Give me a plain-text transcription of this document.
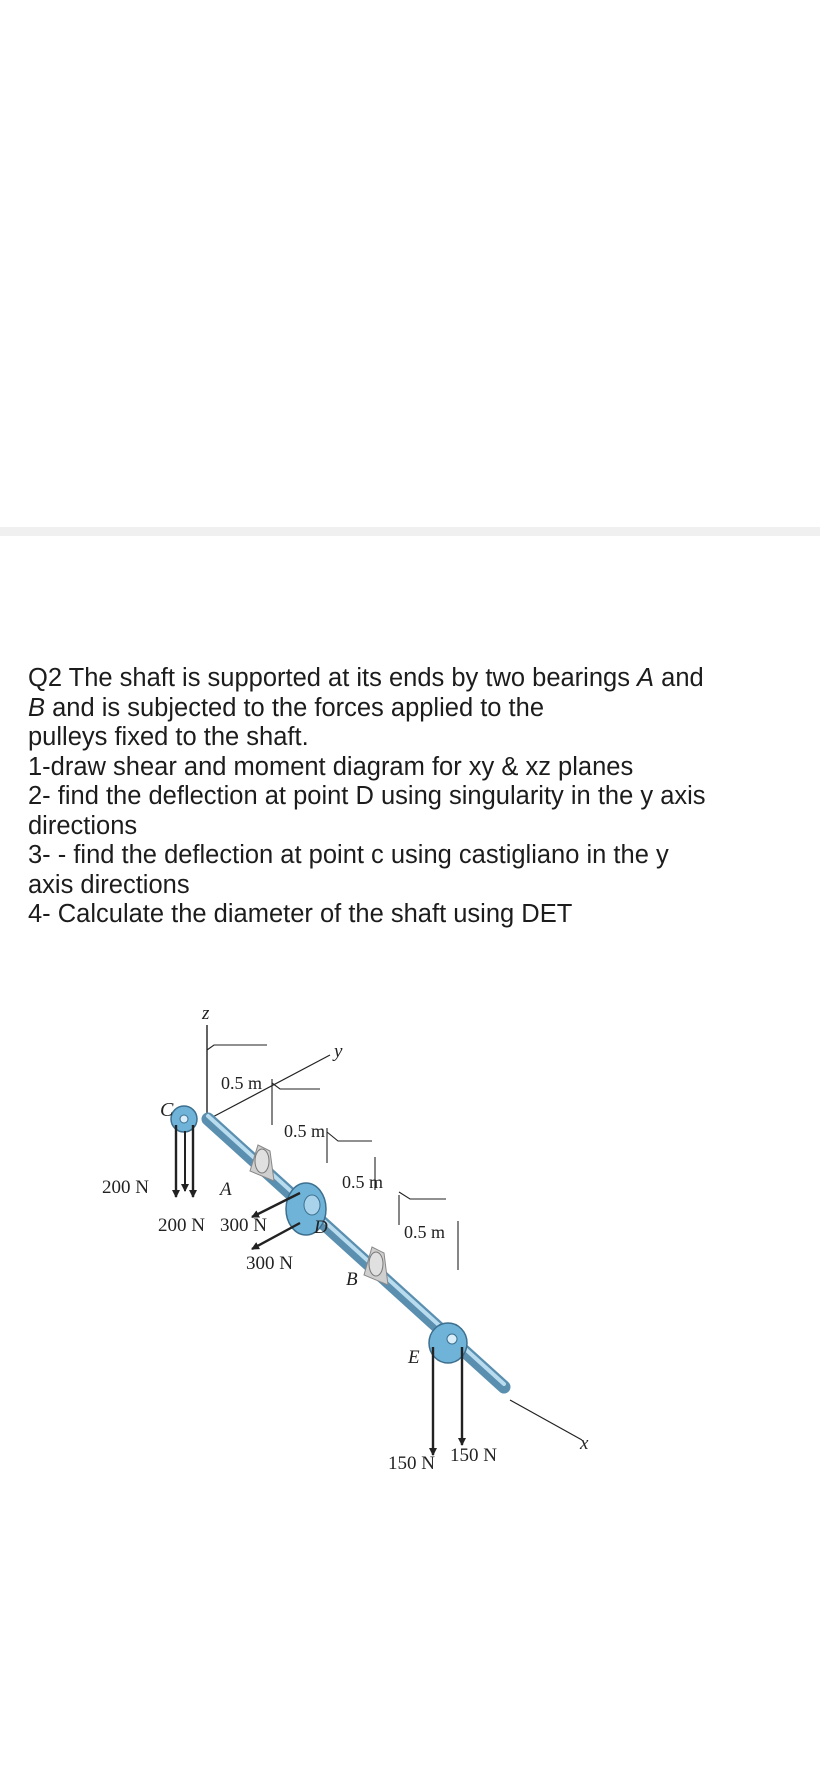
Q2 The shaft is supported at its ends by two bearings A and
B and is subjected to the forces applied to the
pulleys fixed to the shaft.
1-draw shear and moment diagram for xy & xz planes
2- find the deflection at point D using singularity in the y axis
directions
3- - find the deflection at point c using castigliano in the y
axis directions
4- Calculate the diameter of the shaft using DET
z
y
x
0.5 m
0.5 m
0.5 m
0.5 m
200 N
200 N 300 N
300 N
150 N 150 N
C
A
D
B
E
